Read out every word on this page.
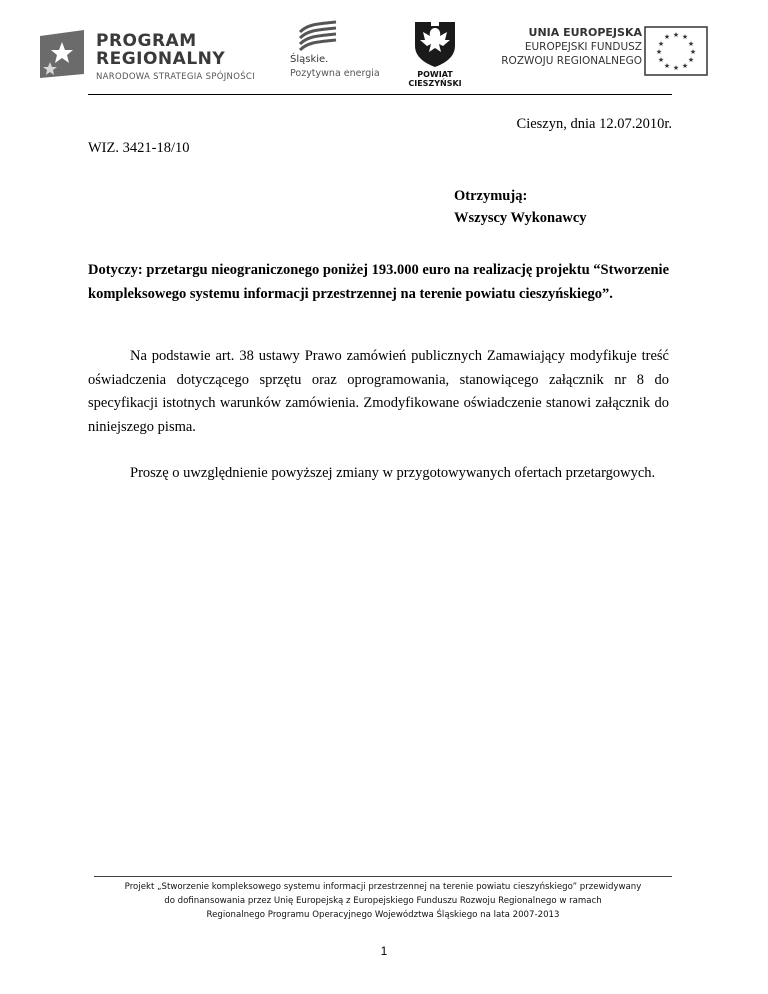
PROGRAM
REGIONALNY
NARODOWA STRATEGIA SPÓJNOŚCI
Śląskie.
Pozytywna energia	POWIAT
CIESZYŃSKI
UNIA EUROPEJSKA
EUROPEJSKI FUNDUSZ
ROZWOJU REGIONALNEGO
★ ★
★
★
★
★
★
★
★
★
★
★
Cieszyn, dnia 12.07.2010r.
WIZ. 3421-18/10
Otrzymują:
Wszyscy Wykonawcy
Dotyczy: przetargu nieograniczonego poniżej 193.000 euro na realizację projektu “Stworzenie kompleksowego systemu informacji przestrzennej na terenie powiatu cieszyńskiego”.
Na podstawie art. 38 ustawy Prawo zamówień publicznych Zamawiający modyfikuje treść oświadczenia dotyczącego sprzętu oraz oprogramowania, stanowiącego załącznik nr 8 do specyfikacji istotnych warunków zamówienia. Zmodyfikowane oświadczenie stanowi załącznik do niniejszego pisma.
Proszę o uwzględnienie powyższej zmiany w przygotowywanych ofertach przetargowych.
Projekt „Stworzenie kompleksowego systemu informacji przestrzennej na terenie powiatu cieszyńskiego” przewidywany
do dofinansowania przez Unię Europejską z Europejskiego Funduszu Rozwoju Regionalnego w ramach
Regionalnego Programu Operacyjnego Województwa Śląskiego na lata 2007-2013
1
